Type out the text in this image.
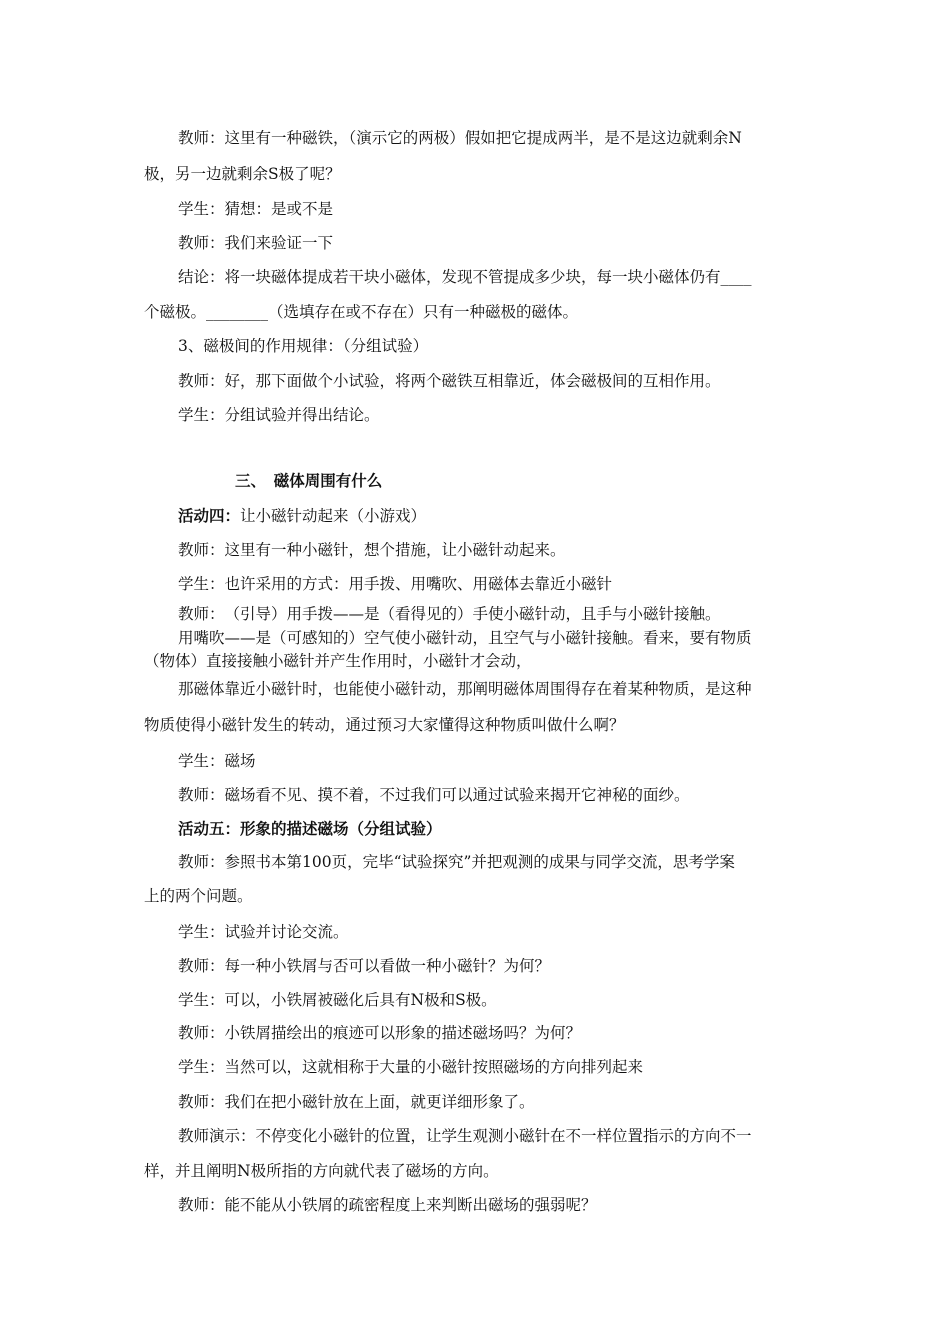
教师：这里有一种磁铁，（演示它的两极）假如把它提成两半，是不是这边就剩余N
极，另一边就剩余S极了呢？
学生：猜想：是或不是
教师：我们来验证一下
结论：将一块磁体提成若干块小磁体，发现不管提成多少块，每一块小磁体仍有____
个磁极。________（选填存在或不存在）只有一种磁极的磁体。
3、磁极间的作用规律：（分组试验）
教师：好，那下面做个小试验，将两个磁铁互相靠近，体会磁极间的互相作用。
学生：分组试验并得出结论。
三、　磁体周围有什么
活动四：让小磁针动起来（小游戏）
教师：这里有一种小磁针，想个措施，让小磁针动起来。
学生：也许采用的方式：用手拨、用嘴吹、用磁体去靠近小磁针
教师：　（引导）用手拨——是（看得见的）手使小磁针动，且手与小磁针接触。
用嘴吹——是（可感知的）空气使小磁针动，且空气与小磁针接触。看来，要有物质
（物体）直接接触小磁针并产生作用时，小磁针才会动，
那磁体靠近小磁针时，也能使小磁针动，那阐明磁体周围得存在着某种物质，是这种
物质使得小磁针发生的转动，通过预习大家懂得这种物质叫做什么啊？
学生：磁场
教师：磁场看不见、摸不着，不过我们可以通过试验来揭开它神秘的面纱。
活动五：形象的描述磁场（分组试验）
教师：参照书本第100页，完毕“试验探究”并把观测的成果与同学交流，思考学案
上的两个问题。
学生：试验并讨论交流。
教师：每一种小铁屑与否可以看做一种小磁针？为何？
学生：可以，小铁屑被磁化后具有N极和S极。
教师：小铁屑描绘出的痕迹可以形象的描述磁场吗？为何？
学生：当然可以，这就相称于大量的小磁针按照磁场的方向排列起来
教师：我们在把小磁针放在上面，就更详细形象了。
教师演示：不停变化小磁针的位置，让学生观测小磁针在不一样位置指示的方向不一
样，并且阐明N极所指的方向就代表了磁场的方向。
教师：能不能从小铁屑的疏密程度上来判断出磁场的强弱呢？
